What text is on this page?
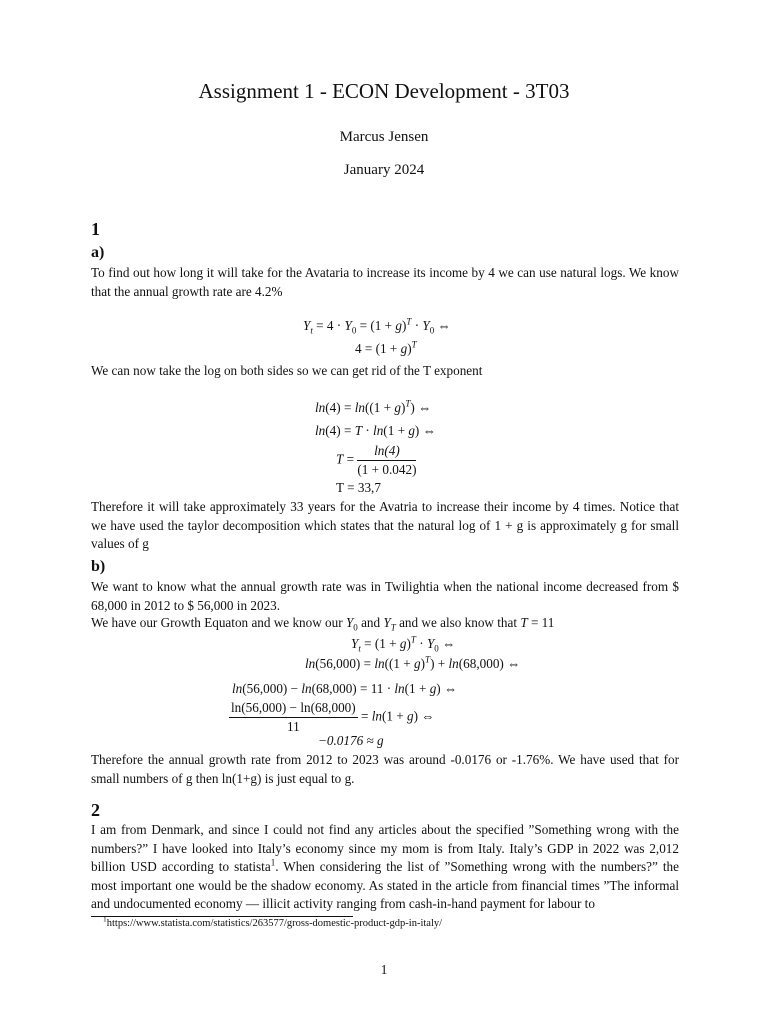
Assignment 1 - ECON Development - 3T03
Marcus Jensen
January 2024
1
a)
To find out how long it will take for the Avataria to increase its income by 4 we can use natural logs. We know that the annual growth rate are 4.2%
$Y_t = 4 \cdot Y_0 = (1 + g)^T \cdot Y_0$ ⇔
$4 = (1 + g)^T$
We can now take the log on both sides so we can get rid of the T exponent
$\ln(4) = \ln((1 + g)^T)$ ⇔
ln(4) = T · ln(1 + g) ⇔
$T = \frac{\ln(4)}{(1 + 0.042)}$
T = 33,7
Therefore it will take approximately 33 years for the Avatria to increase their income by 4 times. Notice that we have used the taylor decomposition which states that the natural log of 1 + g is approximately g for small values of g
b)
We want to know what the annual growth rate was in Twilightia when the national income decreased from $ 68,000 in 2012 to $ 56,000 in 2023.
We have our Growth Equaton and we know our $Y_0$ and $Y_T$ and we also know that T = 11
$Y_t = (1 + g)^T \cdot Y_0$ ⇔
$\ln(56,000) = \ln((1 + g)^T) + \ln(68,000)$ ⇔
ln(56,000) − ln(68,000) = 11 · ln(1 + g) ⇔
$\frac{\ln(56,000) - \ln(68,000)}{11} = \ln(1 + g)$ ⇔
−0.0176 ≈ g
Therefore the annual growth rate from 2012 to 2023 was around -0.0176 or -1.76%. We have used that for small numbers of g then ln(1+g) is just equal to g.
2
I am from Denmark, and since I could not find any articles about the specified ”Something wrong with the numbers?” I have looked into Italy’s economy since my mom is from Italy. Italy’s GDP in 2022 was 2,012 billion USD according to statista$^1$. When considering the list of ”Something wrong with the numbers?” the most important one would be the shadow economy. As stated in the article from financial times ”The informal and undocumented economy — illicit activity ranging from cash-in-hand payment for labour to
$^1$https://www.statista.com/statistics/263577/gross-domestic-product-gdp-in-italy/
1
